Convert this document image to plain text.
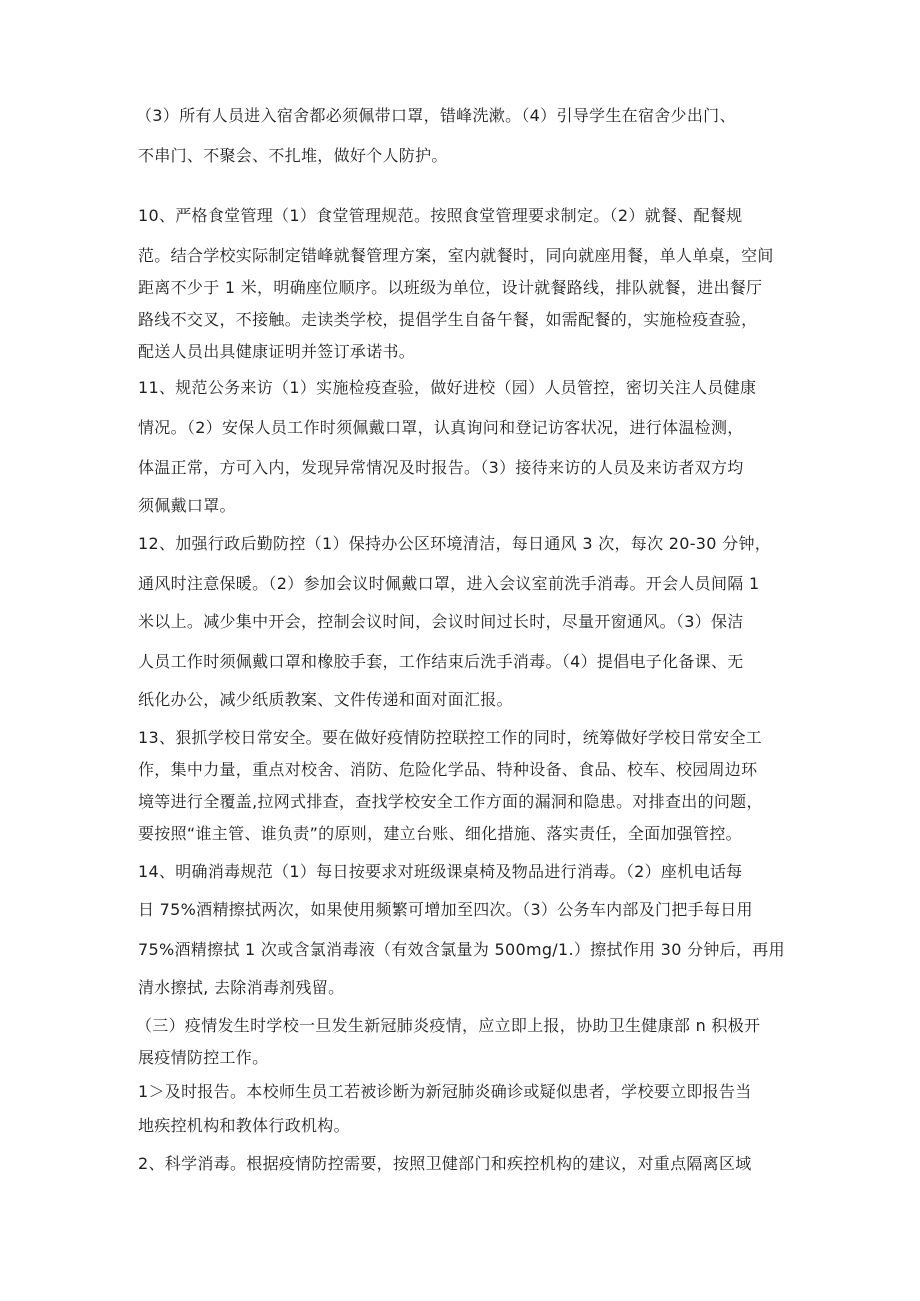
（3）所有人员进入宿舍都必须佩带口罩，错峰洗漱。（4）引导学生在宿舍少出门、
不串门、不聚会、不扎堆，做好个人防护。
10、严格食堂管理（1）食堂管理规范。按照食堂管理要求制定。（2）就餐、配餐规
范。结合学校实际制定错峰就餐管理方案，室内就餐时，同向就座用餐，单人单桌，空间
距离不少于 1 米，明确座位顺序。以班级为单位，设计就餐路线，排队就餐，进出餐厅
路线不交叉，不接触。走读类学校，提倡学生自备午餐，如需配餐的，实施检疫查验，
配送人员出具健康证明并签订承诺书。
11、规范公务来访（1）实施检疫查验，做好进校（园）人员管控，密切关注人员健康
情况。（2）安保人员工作时须佩戴口罩，认真询问和登记访客状况，进行体温检测，
体温正常，方可入内，发现异常情况及时报告。（3）接待来访的人员及来访者双方均
须佩戴口罩。
12、加强行政后勤防控（1）保持办公区环境清洁，每日通风 3 次，每次 20-30 分钟，
通风时注意保暖。（2）参加会议时佩戴口罩，进入会议室前洗手消毒。开会人员间隔 1
米以上。减少集中开会，控制会议时间，会议时间过长时，尽量开窗通风。（3）保洁
人员工作时须佩戴口罩和橡胶手套，工作结束后洗手消毒。（4）提倡电子化备课、无
纸化办公，减少纸质教案、文件传递和面对面汇报。
13、狠抓学校日常安全。要在做好疫情防控联控工作的同时，统筹做好学校日常安全工
作，集中力量，重点对校舍、消防、危险化学品、特种设备、食品、校车、校园周边环
境等进行全覆盖,拉网式排查，查找学校安全工作方面的漏洞和隐患。对排查出的问题，
要按照“谁主管、谁负责”的原则，建立台账、细化措施、落实责任，全面加强管控。
14、明确消毒规范（1）每日按要求对班级课桌椅及物品进行消毒。（2）座机电话每
日 75%酒精擦拭两次，如果使用频繁可增加至四次。（3）公务车内部及门把手每日用
75%酒精擦拭 1 次或含氯消毒液（有效含氯量为 500mg/1.）擦拭作用 30 分钟后，再用
清水擦拭, 去除消毒剂残留。
（三）疫情发生时学校一旦发生新冠肺炎疫情，应立即上报，协助卫生健康部 n 积极开
展疫情防控工作。
1＞及时报告。本校师生员工若被诊断为新冠肺炎确诊或疑似患者，学校要立即报告当
地疾控机构和教体行政机构。
2、科学消毒。根据疫情防控需要，按照卫健部门和疾控机构的建议，对重点隔离区域
